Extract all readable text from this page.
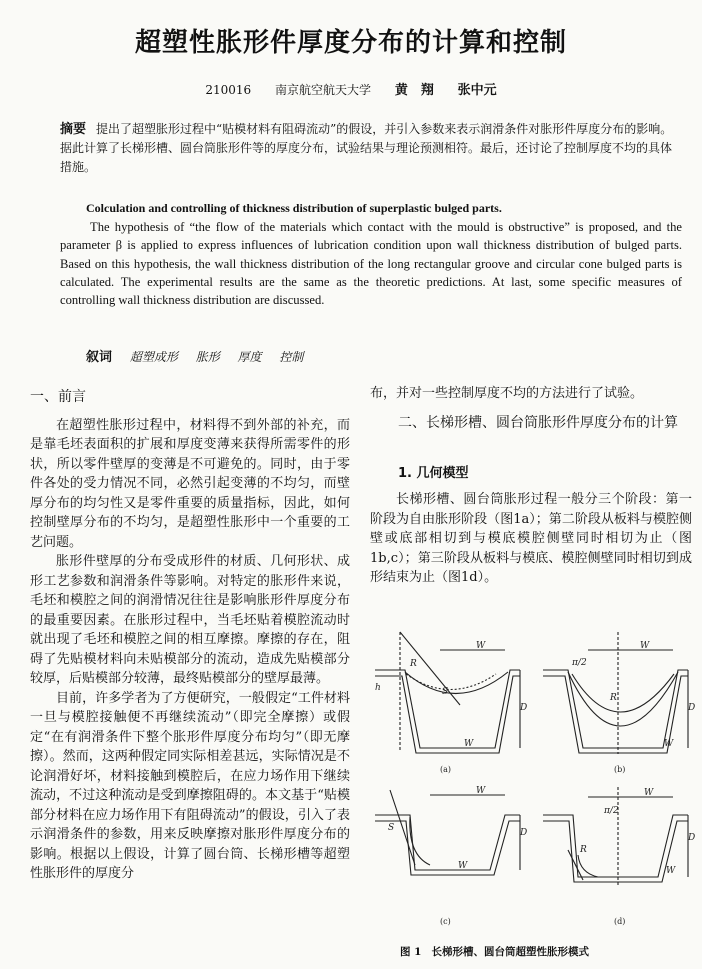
超塑性胀形件厚度分布的计算和控制
210016 南京航空航天大学 黄　翔 张中元
摘要 提出了超塑胀形过程中“贴模材料有阻碍流动”的假设，并引入参数来表示润滑条件对胀形件厚度分布的影响。据此计算了长梯形槽、圆台筒胀形件等的厚度分布，试验结果与理论预测相符。最后，还讨论了控制厚度不均的具体措施。
Colculation and controlling of thickness distribution of superplastic bulged parts.
The hypothesis of “the flow of the materials which contact with the mould is obstructive” is proposed, and the parameter β is applied to express influences of lubrication condition upon wall thickness distribution of bulged parts. Based on this hypothesis, the wall thickness distribution of the long rectangular groove and circular cone bulged parts is calculated. The experimental results are the same as the theoretic predictions. At last, some specific measures of controlling wall thickness distribution are discussed.
叙词 超塑成形 胀形 厚度 控制
一、前言

在超塑性胀形过程中，材料得不到外部的补充，而是靠毛坯表面积的扩展和厚度变薄来获得所需零件的形状，所以零件壁厚的变薄是不可避免的。同时，由于零件各处的受力情况不同，必然引起变薄的不均匀，而壁厚分布的均匀性又是零件重要的质量指标，因此，如何控制壁厚分布的不均匀，是超塑性胀形中一个重要的工艺问题。

胀形件壁厚的分布受成形件的材质、几何形状、成形工艺参数和润滑条件等影响。对特定的胀形件来说，毛坯和模腔之间的润滑情况往往是影响胀形件厚度分布的最重要因素。在胀形过程中，当毛坯贴着模腔流动时就出现了毛坯和模腔之间的相互摩擦。摩擦的存在，阻碍了先贴模材料向未贴模部分的流动，造成先贴模部分较厚，后贴模部分较薄，最终贴模部分的壁厚最薄。

目前，许多学者为了方便研究，一般假定“工件材料一旦与模腔接触便不再继续流动”（即完全摩擦）或假定“在有润滑条件下整个胀形件厚度分布均匀”（即无摩擦）。然而，这两种假定同实际相差甚远，实际情况是不论润滑好坏，材料接触到模腔后，在应力场作用下继续流动，不过这种流动是受到摩擦阻碍的。本文基于“贴模部分材料在应力场作用下有阻碍流动”的假设，引入了表示润滑条件的参数，用来反映摩擦对胀形件厚度分布的影响。根据以上假设，计算了圆台筒、长梯形槽等超塑性胀形件的厚度分

布，并对一些控制厚度不均的方法进行了试验。

二、长梯形槽、圆台筒胀形件厚度分布的计算
1. 几何模型

长梯形槽、圆台筒胀形过程一般分三个阶段：第一阶段为自由胀形阶段（图1a）；第二阶段从板料与模腔侧壁或底部相切到与模底模腔侧壁同时相切为止（图1b,c）；第三阶段从板料与模底、模腔侧壁同时相切到成形结束为止（图1d）。

W
D
S
R
h
W
W
D
R
W
π/2
W
S	D
W
W
D
W
π/2
R
(a)	(b)
(c)	(d)
图 1 长梯形槽、圆台筒超塑性胀形模式
